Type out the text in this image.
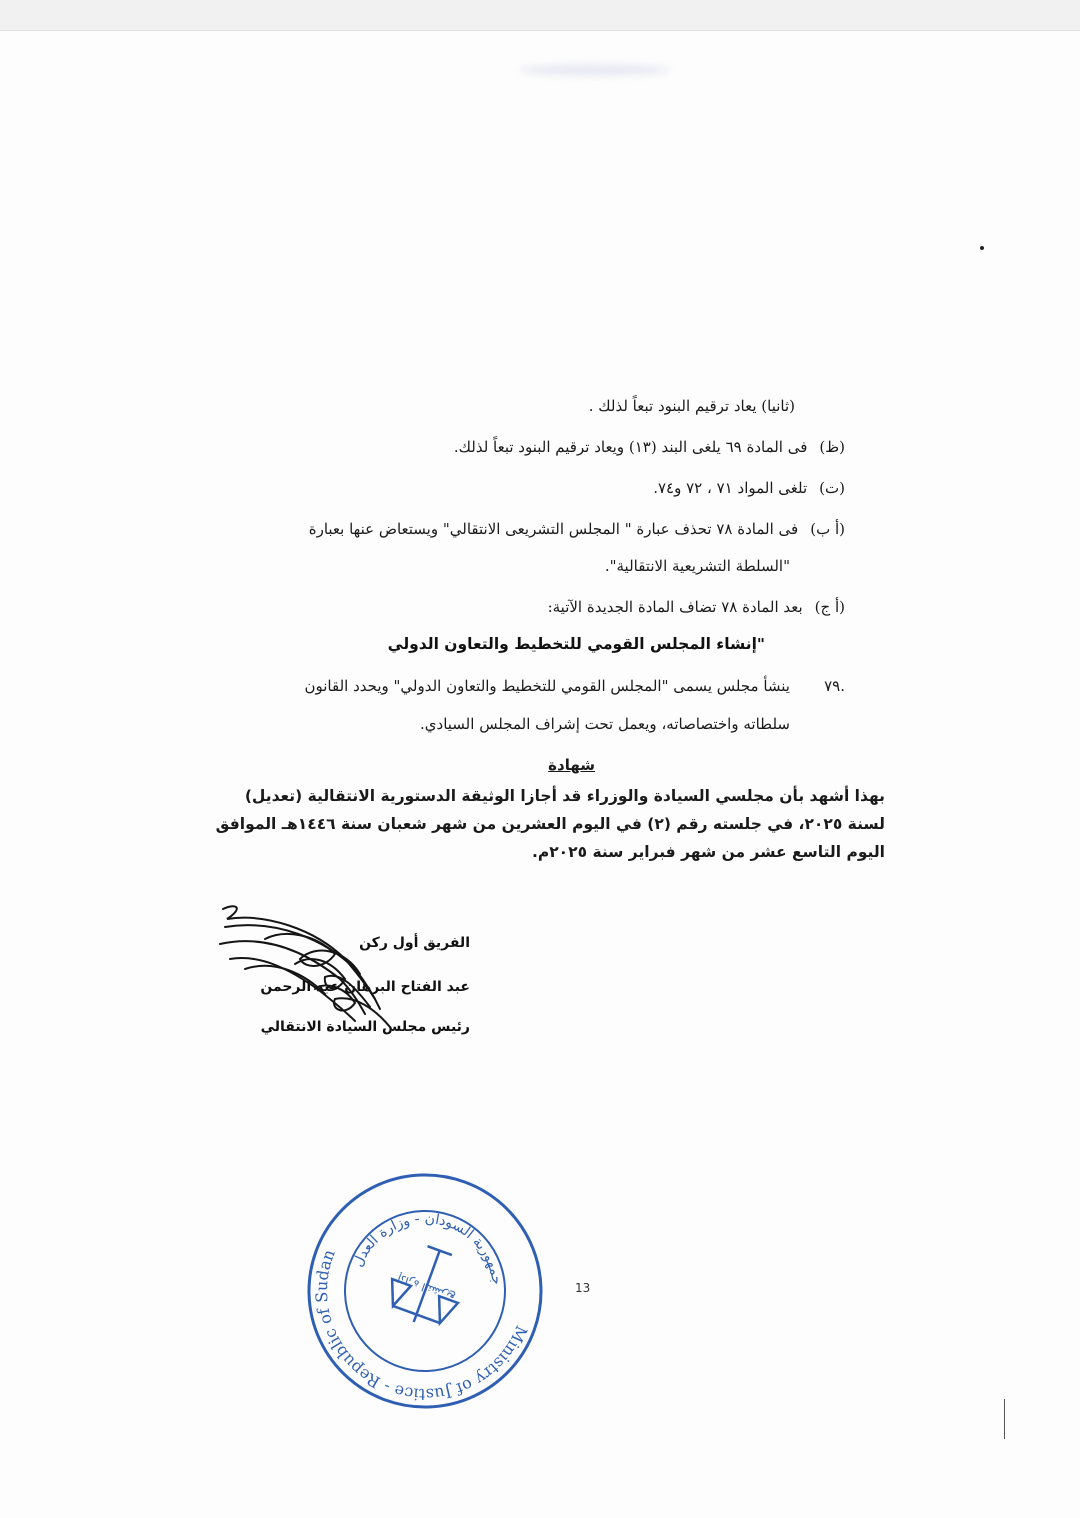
(ثانيا) يعاد ترقيم البنود تبعاً لذلك .
(ظ)فى المادة ٦٩ يلغى البند (١٣) ويعاد ترقيم البنود تبعاً لذلك.
(ت)تلغى المواد ٧١ ، ٧٢ و٧٤.
(أ ب)فى المادة ٧٨ تحذف عبارة " المجلس التشريعى الانتقالي" ويستعاض عنها بعبارة
"السلطة التشريعية الانتقالية".
(أ ج)بعد المادة ٧٨ تضاف المادة الجديدة الآتية:
"إنشاء المجلس القومي للتخطيط والتعاون الدولي
.٧٩
ينشأ مجلس يسمى "المجلس القومي للتخطيط والتعاون الدولي" ويحدد القانون
سلطاته واختصاصاته، ويعمل تحت إشراف المجلس السيادي.
شهادة
بهذا أشهد بأن مجلسي السيادة والوزراء قد أجازا الوثيقة الدستورية الانتقالية (تعديل)
لسنة ٢٠٢٥، في جلسته رقم (٢) في اليوم العشرين من شهر شعبان سنة ١٤٤٦هـ الموافق
اليوم التاسع عشر من شهر فبراير سنة ٢٠٢٥م.
الفريق أول ركن
عبد الفتاح البرهان عبد الرحمن
رئيس مجلس السيادة الانتقالي
Ministry of Justice - Republic of Sudan جمهورية السودان - وزارة العدل
إدارة التشريع	13
